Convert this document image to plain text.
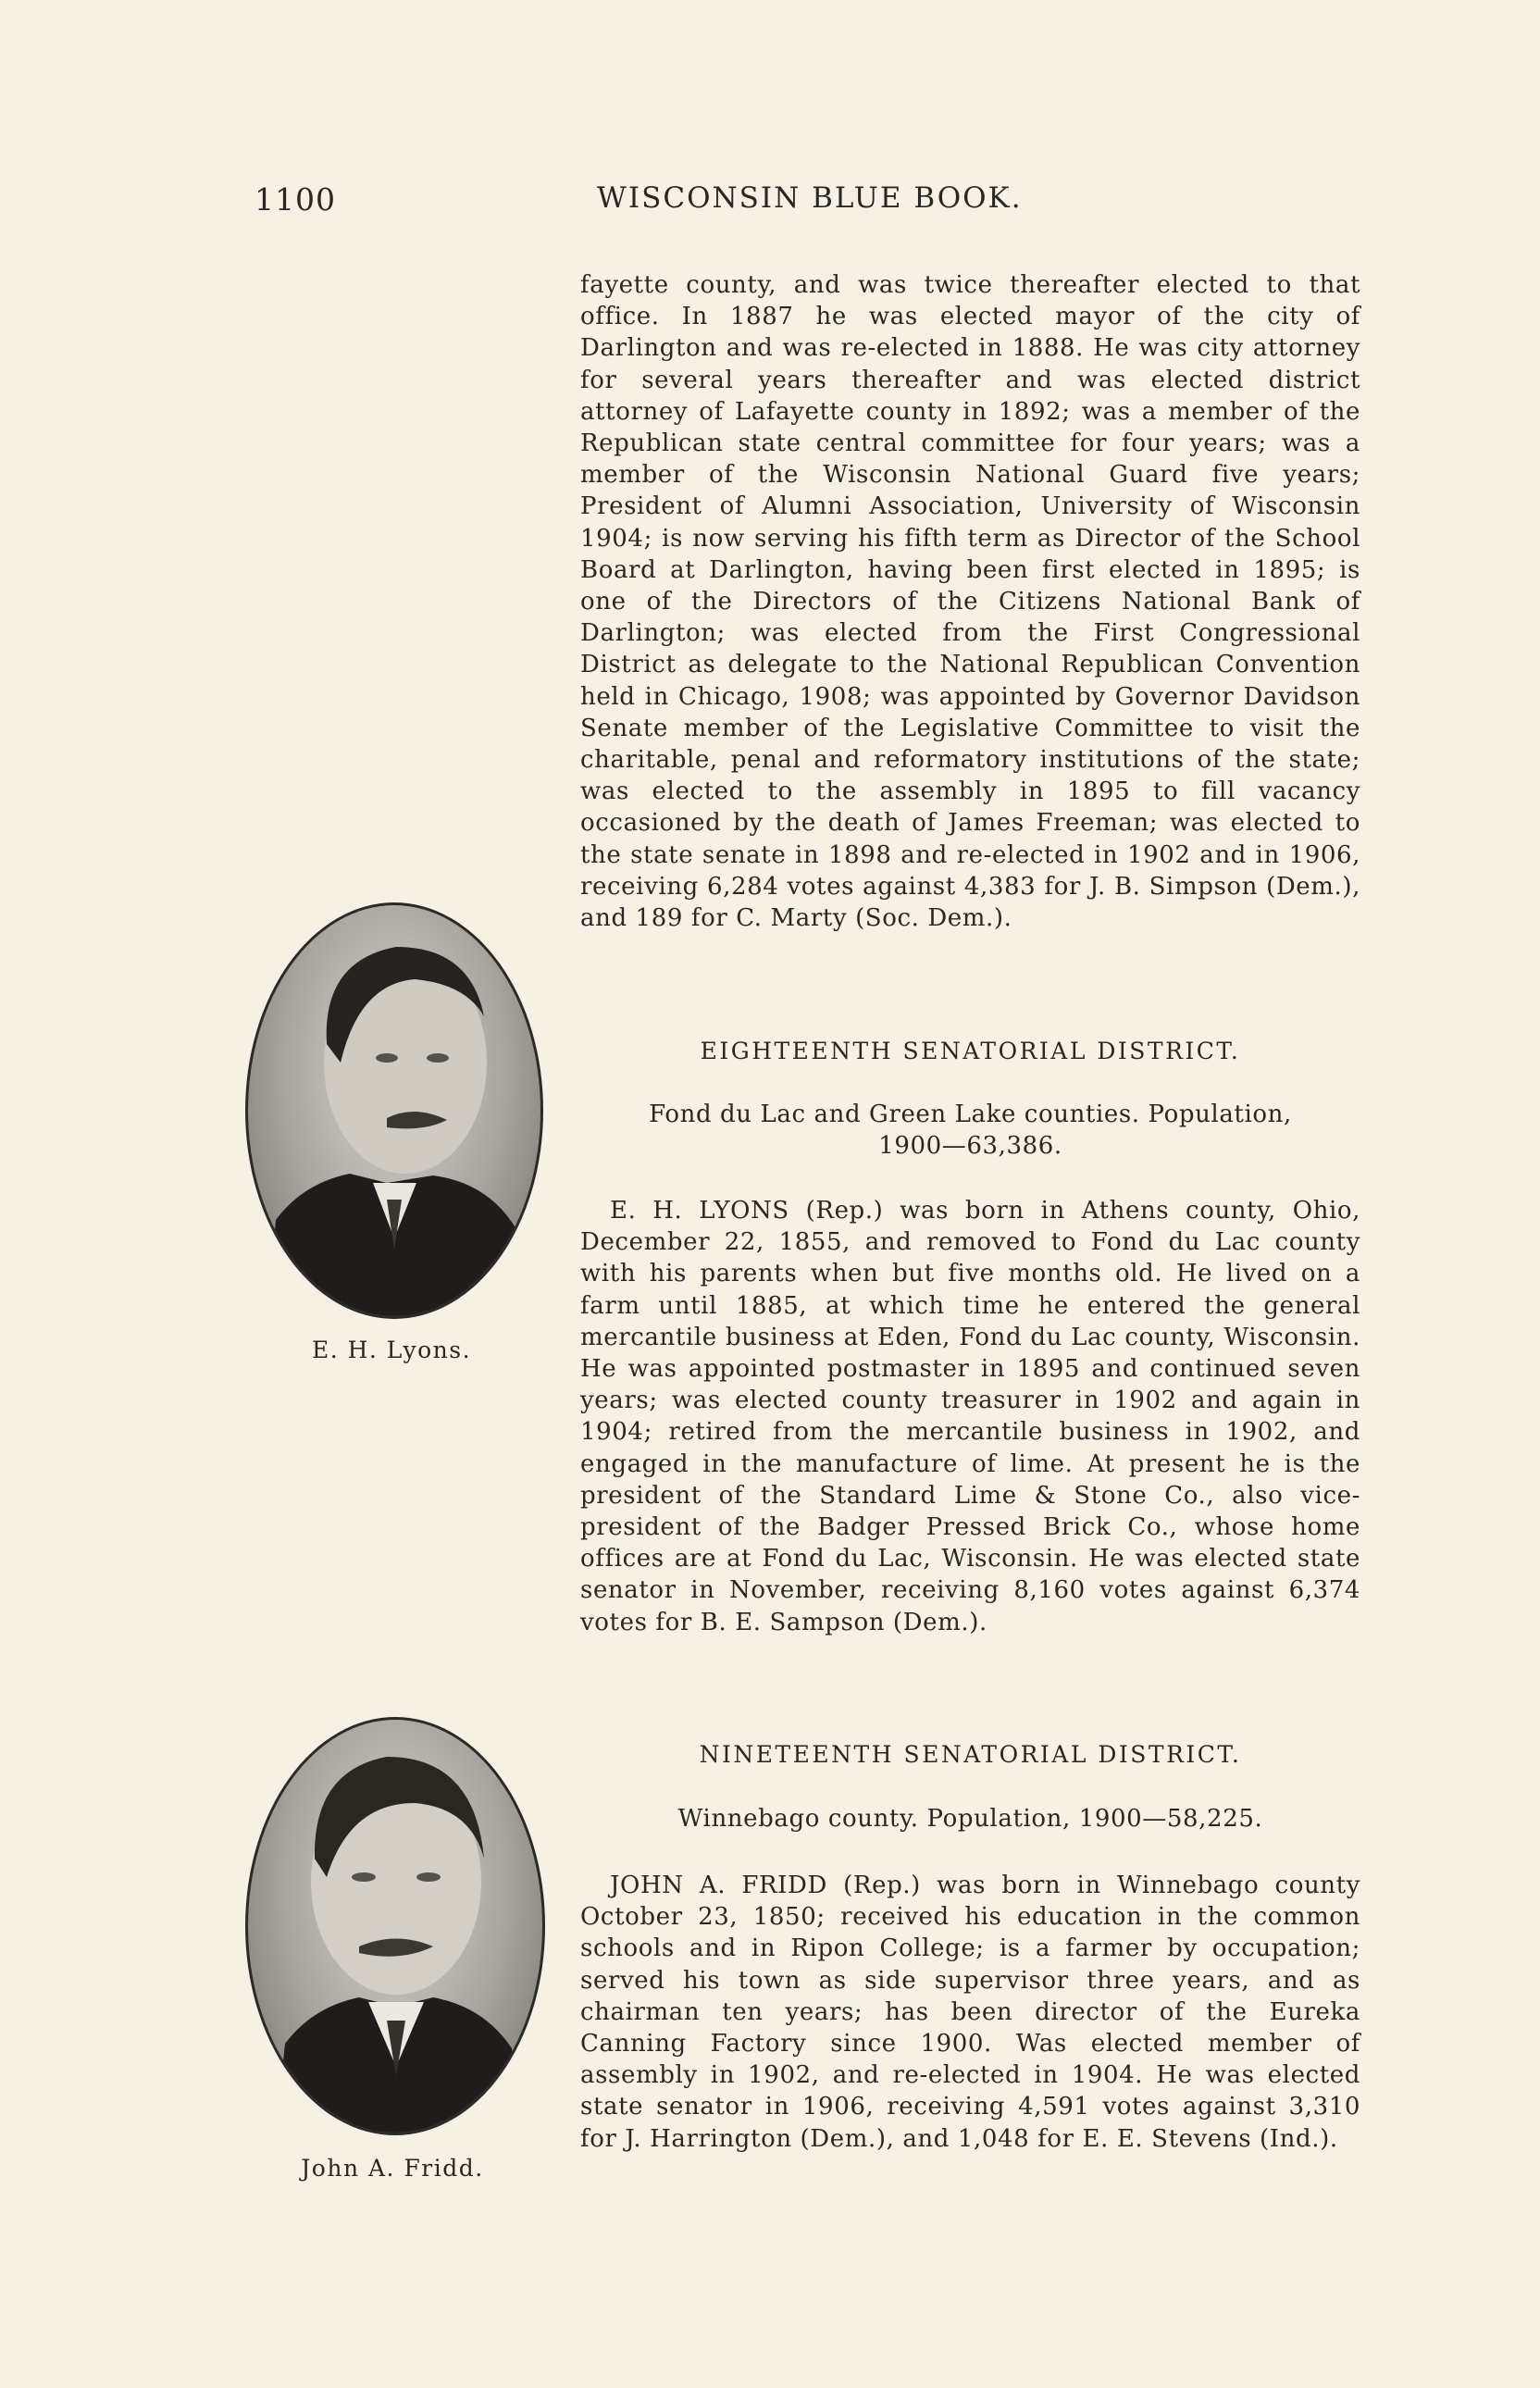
1100	WISCONSIN BLUE BOOK.

fayette county, and was twice thereafter elected to that office. In 1887 he was elected mayor of the city of Darlington and was re-elected in 1888. He was city attorney for several years thereafter and was elected district attorney of Lafayette county in 1892; was a member of the Republican state central committee for four years; was a member of the Wisconsin National Guard five years; President of Alumni Association, University of Wisconsin 1904; is now serving his fifth term as Director of the School Board at Darlington, having been first elected in 1895; is one of the Directors of the Citizens National Bank of Darlington; was elected from the First Congressional District as delegate to the National Republican Convention held in Chicago, 1908; was appointed by Governor Davidson Senate member of the Legislative Committee to visit the charitable, penal and reformatory institutions of the state; was elected to the assembly in 1895 to fill vacancy occasioned by the death of James Freeman; was elected to the state senate in 1898 and re-elected in 1902 and in 1906, receiving 6,284 votes against 4,383 for J. B. Simpson (Dem.), and 189 for C. Marty (Soc. Dem.).

E. H. Lyons.
EIGHTEENTH SENATORIAL DISTRICT.
Fond du Lac and Green Lake counties. Population, 1900—63,386.

E. H. LYONS (Rep.) was born in Athens county, Ohio, December 22, 1855, and removed to Fond du Lac county with his parents when but five months old. He lived on a farm until 1885, at which time he entered the general mercantile business at Eden, Fond du Lac county, Wisconsin. He was appointed postmaster in 1895 and continued seven years; was elected county treasurer in 1902 and again in 1904; retired from the mercantile business in 1902, and engaged in the manufacture of lime. At present he is the president of the Standard Lime & Stone Co., also vice-president of the Badger Pressed Brick Co., whose home offices are at Fond du Lac, Wisconsin. He was elected state senator in November, receiving 8,160 votes against 6,374 votes for B. E. Sampson (Dem.).

John A. Fridd.
NINETEENTH SENATORIAL DISTRICT.
Winnebago county. Population, 1900—58,225.

JOHN A. FRIDD (Rep.) was born in Winnebago county October 23, 1850; received his education in the common schools and in Ripon College; is a farmer by occupation; served his town as side supervisor three years, and as chairman ten years; has been director of the Eureka Canning Factory since 1900. Was elected member of assembly in 1902, and re-elected in 1904. He was elected state senator in 1906, receiving 4,591 votes against 3,310 for J. Harrington (Dem.), and 1,048 for E. E. Stevens (Ind.).
